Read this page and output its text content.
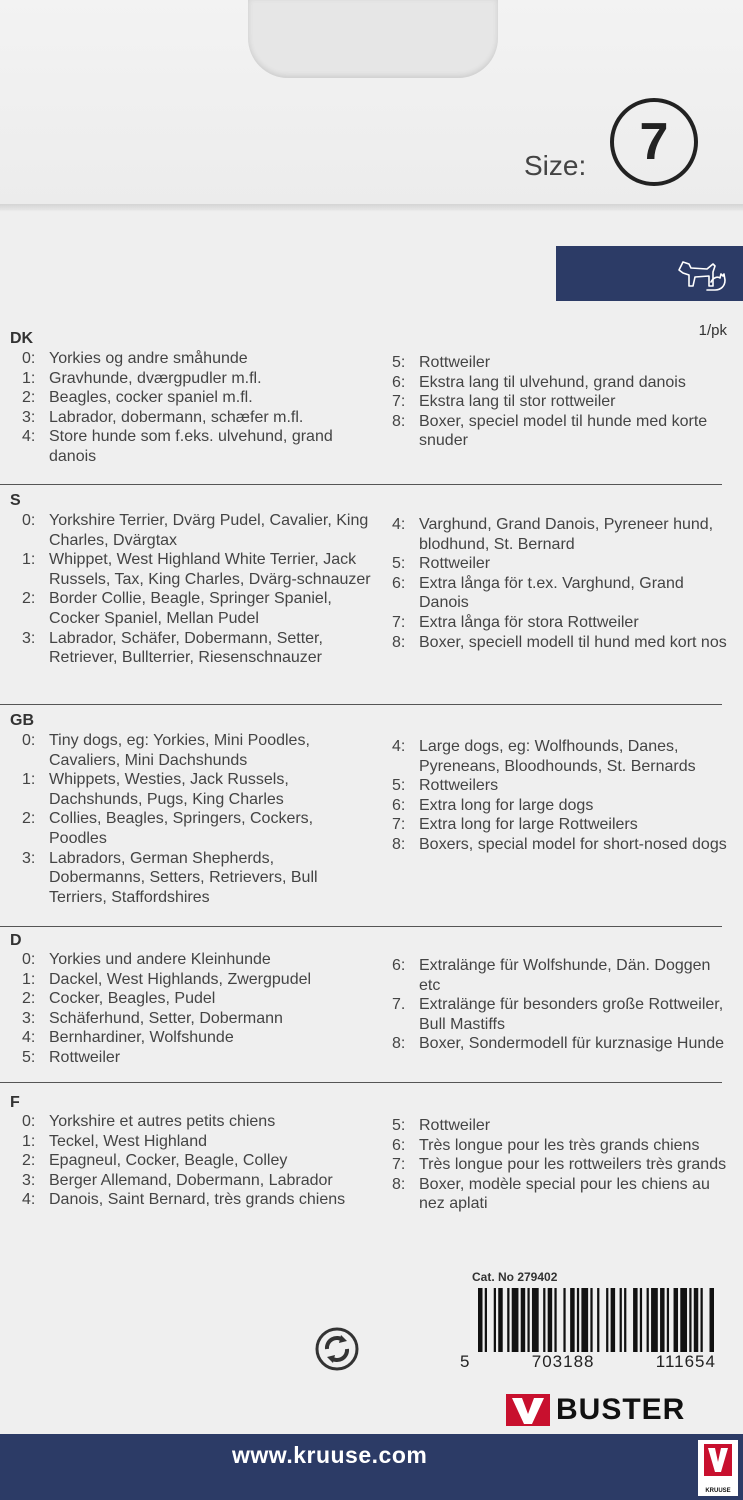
Size: 7
1/pk
DK
0: Yorkies og andre småhunde
1: Gravhunde, dværgpudler m.fl.
2: Beagles, cocker spaniel m.fl.
3: Labrador, dobermann, schæfer m.fl.
4: Store hunde som f.eks. ulvehund, grand danois
5: Rottweiler
6: Ekstra lang til ulvehund, grand danois
7: Ekstra lang til stor rottweiler
8: Boxer, speciel model til hunde med korte snuder
S
0: Yorkshire Terrier, Dvärg Pudel, Cavalier, King Charles, Dvärgtax
1: Whippet, West Highland White Terrier, Jack Russels, Tax, King Charles, Dvärg-schnauzer
2: Border Collie, Beagle, Springer Spaniel, Cocker Spaniel, Mellan Pudel
3: Labrador, Schäfer, Dobermann, Setter, Retriever, Bullterrier, Riesenschnauzer
4: Varghund, Grand Danois, Pyreneer hund, blodhund, St. Bernard
5: Rottweiler
6: Extra långa för t.ex. Varghund, Grand Danois
7: Extra långa för stora Rottweiler
8: Boxer, speciell modell til hund med kort nos
GB
0: Tiny dogs, eg: Yorkies, Mini Poodles, Cavaliers, Mini Dachshunds
1: Whippets, Westies, Jack Russels, Dachshunds, Pugs, King Charles
2: Collies, Beagles, Springers, Cockers, Poodles
3: Labradors, German Shepherds, Dobermanns, Setters, Retrievers, Bull Terriers, Staffordshires
4: Large dogs, eg: Wolfhounds, Danes, Pyreneans, Bloodhounds, St. Bernards
5: Rottweilers
6: Extra long for large dogs
7: Extra long for large Rottweilers
8: Boxers, special model for short-nosed dogs
D
0: Yorkies und andere Kleinhunde
1: Dackel, West Highlands, Zwergpudel
2: Cocker, Beagles, Pudel
3: Schäferhund, Setter, Dobermann
4: Bernhardiner, Wolfshunde
5: Rottweiler
6: Extralänge für Wolfshunde, Dän. Doggen etc
7. Extralänge für besonders große Rottweiler, Bull Mastiffs
8: Boxer, Sondermodell für kurznasige Hunde
F
0: Yorkshire et autres petits chiens
1: Teckel, West Highland
2: Epagneul, Cocker, Beagle, Colley
3: Berger Allemand, Dobermann, Labrador
4: Danois, Saint Bernard, très grands chiens
5: Rottweiler
6: Très longue pour les très grands chiens
7: Très longue pour les rottweilers très grands
8: Boxer, modèle special pour les chiens au nez aplati
Cat. No 279402
5	703188	111654
BUSTER
www.kruuse.com
KRUUSE
